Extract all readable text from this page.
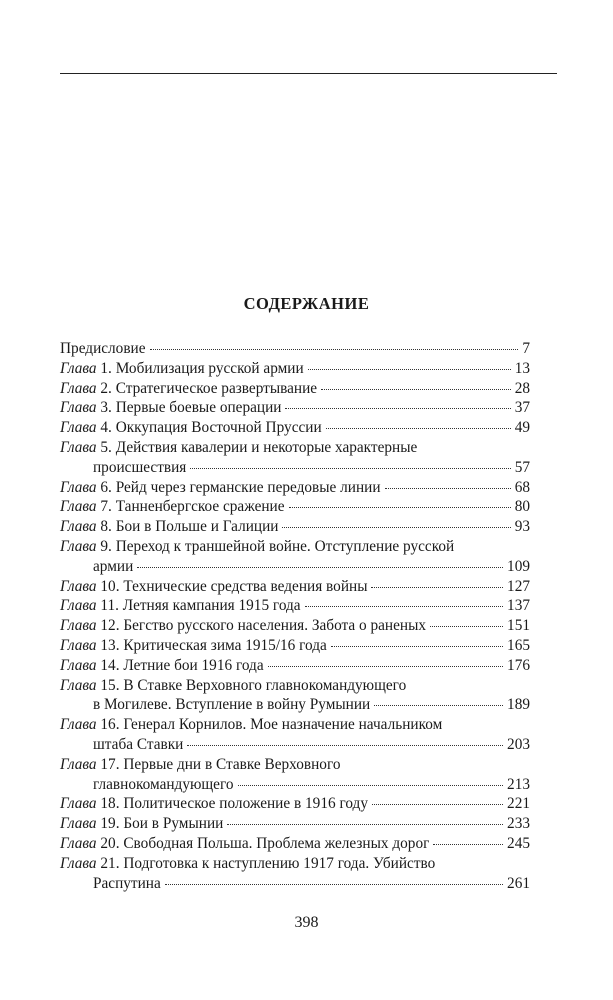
СОДЕРЖАНИЕ
Предисловие	7
Глава 1. Мобилизация русской армии	13
Глава 2. Стратегическое развертывание	28
Глава 3. Первые боевые операции	37
Глава 4. Оккупация Восточной Пруссии	49
Глава 5. Действия кавалерии и некоторые характерные
происшествия	57
Глава 6. Рейд через германские передовые линии	68
Глава 7. Танненбергское сражение	80
Глава 8. Бои в Польше и Галиции	93
Глава 9. Переход к траншейной войне. Отступление русской
армии	109
Глава 10. Технические средства ведения войны	127
Глава 11. Летняя кампания 1915 года	137
Глава 12. Бегство русского населения. Забота о раненых	151
Глава 13. Критическая зима 1915/16 года	165
Глава 14. Летние бои 1916 года	176
Глава 15. В Ставке Верховного главнокомандующего
в Могилеве. Вступление в войну Румынии	189
Глава 16. Генерал Корнилов. Мое назначение начальником
штаба Ставки	203
Глава 17. Первые дни в Ставке Верховного
главнокомандующего	213
Глава 18. Политическое положение в 1916 году	221
Глава 19. Бои в Румынии	233
Глава 20. Свободная Польша. Проблема железных дорог	245
Глава 21. Подготовка к наступлению 1917 года. Убийство
Распутина	261
398
